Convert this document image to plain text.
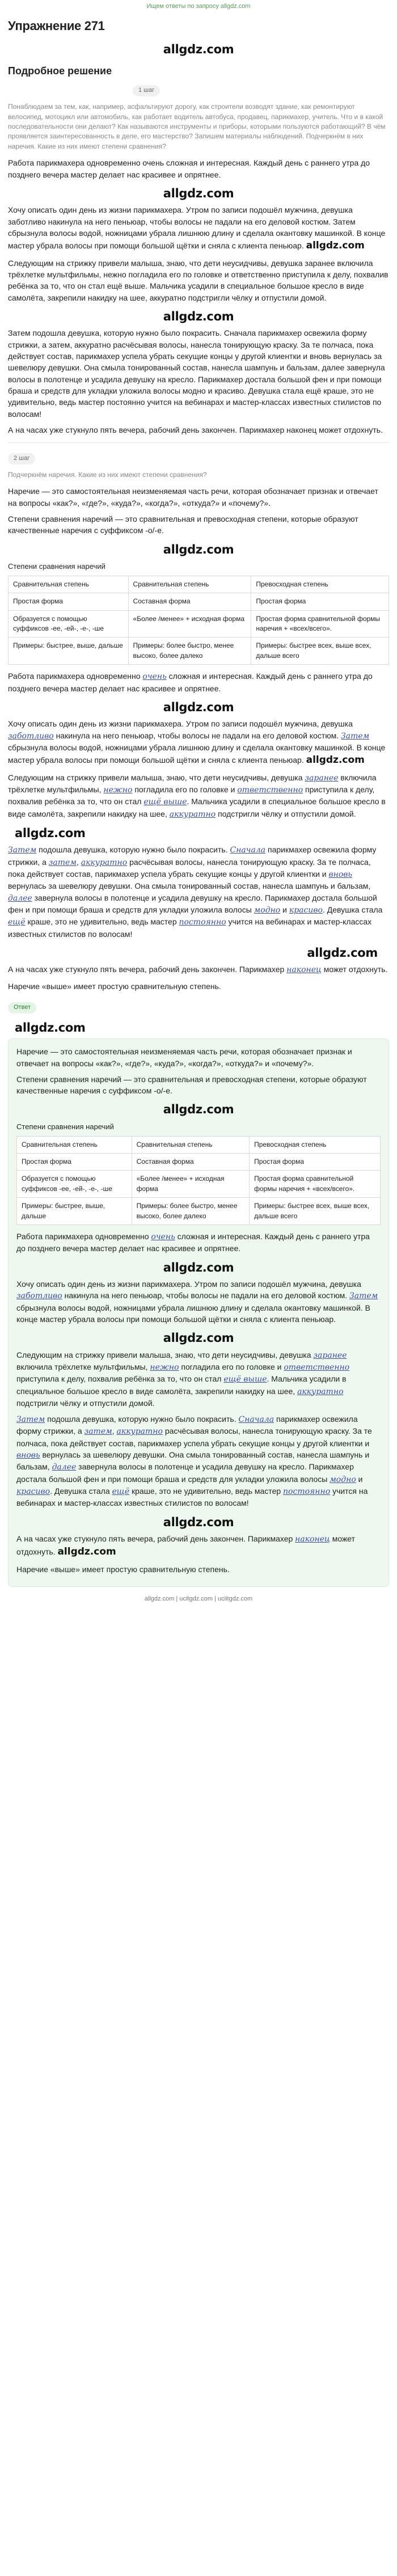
Ищем ответы по запросу allgdz.com
Упражнение 271
allgdz.com
Подробное решение
1 шаг
Понаблюдаем за тем, как, например, асфальтируют дорогу, как строители возводят здание, как ремонтируют велосипед, мотоцикл или автомобиль, как работает водитель автобуса, продавец, парикмахер, учитель. Что и в какой последовательности они делают? Как называются инструменты и приборы, которыми пользуются работающий? В чём проявляется заинтересованность в деле, его мастерство? Запишем материалы наблюдений. Подчеркнём в них наречия. Какие из них имеют степени сравнения?

Работа парикмахера одновременно очень сложная и интересная. Каждый день с раннего утра до позднего вечера мастер делает нас красивее и опрятнее.

allgdz.com

Хочу описать один день из жизни парикмахера. Утром по записи подошёл мужчина, девушка заботливо накинула на него пеньюар, чтобы волосы не падали на его деловой костюм. Затем сбрызнула волосы водой, ножницами убрала лишнюю длину и сделала окантовку машинкой. В конце мастер убрала волосы при помощи большой щётки и сняла с клиента пеньюар. allgdz.com

Следующим на стрижку привели малыша, знаю, что дети неусидчивы, девушка заранее включила трёхлетке мультфильмы, нежно погладила его по головке и ответственно приступила к делу, похвалив ребёнка за то, что он стал ещё выше. Мальчика усадили в специальное большое кресло в виде самолёта, закрепили накидку на шее, аккуратно подстригли чёлку и отпустили домой.

allgdz.com

Затем подошла девушка, которую нужно было покрасить. Сначала парикмахер освежила форму стрижки, а затем, аккуратно расчёсывая волосы, нанесла тонирующую краску. За те полчаса, пока действует состав, парикмахер успела убрать секущие концы у другой клиентки и вновь вернулась за шевелюру девушки. Она смыла тонированный состав, нанесла шампунь и бальзам, далее завернула волосы в полотенце и усадила девушку на кресло. Парикмахер достала большой фен и при помощи браша и средств для укладки уложила волосы модно и красиво. Девушка стала ещё краше, это не удивительно, ведь мастер постоянно учится на вебинарах и мастер-классах известных стилистов по волосам!

А на часах уже стукнуло пять вечера, рабочий день закончен. Парикмахер наконец может отдохнуть.

2 шаг
Подчеркнём наречия. Какие из них имеют степени сравнения?

Наречие — это самостоятельная неизменяемая часть речи, которая обозначает признак и отвечает на вопросы «как?», «где?», «куда?», «когда?», «откуда?» и «почему?».

Степени сравнения наречий — это сравнительная и превосходная степени, которые образуют качественные наречия с суффиксом -о/-е.

allgdz.com
Степени сравнения наречий
Сравнительная степень	Сравнительная степень	Превосходная степень
Простая форма	Составная форма	Простая форма
Образуется с помощью суффиксов -ее, -ей-, -е-, -ше	«Более /менее» + исходная форма	Простая форма сравнительной формы наречия + «всех/всего».
Примеры: быстрее, выше, дальше	Примеры: более быстро, менее высоко, более далеко	Примеры: быстрее всех, выше всех, дальше всего

Работа парикмахера одновременно очень сложная и интересная. Каждый день с раннего утра до позднего вечера мастер делает нас красивее и опрятнее.

allgdz.com

Хочу описать один день из жизни парикмахера. Утром по записи подошёл мужчина, девушка заботливо накинула на него пеньюар, чтобы волосы не падали на его деловой костюм. Затем сбрызнула волосы водой, ножницами убрала лишнюю длину и сделала окантовку машинкой. В конце мастер убрала волосы при помощи большой щётки и сняла с клиента пеньюар. allgdz.com

Следующим на стрижку привели малыша, знаю, что дети неусидчивы, девушка заранее включила трёхлетке мультфильмы, нежно погладила его по головке и ответственно приступила к делу, похвалив ребёнка за то, что он стал ещё выше. Мальчика усадили в специальное большое кресло в виде самолёта, закрепили накидку на шее, аккуратно подстригли чёлку и отпустили домой.

allgdz.com

Затем подошла девушка, которую нужно было покрасить. Сначала парикмахер освежила форму стрижки, а затем, аккуратно расчёсывая волосы, нанесла тонирующую краску. За те полчаса, пока действует состав, парикмахер успела убрать секущие концы у другой клиентки и вновь вернулась за шевелюру девушки. Она смыла тонированный состав, нанесла шампунь и бальзам, далее завернула волосы в полотенце и усадила девушку на кресло. Парикмахер достала большой фен и при помощи браша и средств для укладки уложила волосы модно и красиво. Девушка стала ещё краше, это не удивительно, ведь мастер постоянно учится на вебинарах и мастер-классах известных стилистов по волосам!

allgdz.com

А на часах уже стукнуло пять вечера, рабочий день закончен. Парикмахер наконец может отдохнуть.

Наречие «выше» имеет простую сравнительную степень.

Ответ
allgdz.com

Наречие — это самостоятельная неизменяемая часть речи, которая обозначает признак и отвечает на вопросы «как?», «где?», «куда?», «когда?», «откуда?» и «почему?».

Степени сравнения наречий — это сравнительная и превосходная степени, которые образуют качественные наречия с суффиксом -о/-е.

allgdz.com
Степени сравнения наречий
Сравнительная степень	Сравнительная степень	Превосходная степень
Простая форма	Составная форма	Простая форма
Образуется с помощью суффиксов -ее, -ей-, -е-, -ше	«Более /менее» + исходная форма	Простая форма сравнительной формы наречия + «всех/всего».
Примеры: быстрее, выше, дальше	Примеры: более быстро, менее высоко, более далеко	Примеры: быстрее всех, выше всех, дальше всего

Работа парикмахера одновременно очень сложная и интересная. Каждый день с раннего утра до позднего вечера мастер делает нас красивее и опрятнее.

allgdz.com

Хочу описать один день из жизни парикмахера. Утром по записи подошёл мужчина, девушка заботливо накинула на него пеньюар, чтобы волосы не падали на его деловой костюм. Затем сбрызнула волосы водой, ножницами убрала лишнюю длину и сделала окантовку машинкой. В конце мастер убрала волосы при помощи большой щётки и сняла с клиента пеньюар.

allgdz.com

Следующим на стрижку привели малыша, знаю, что дети неусидчивы, девушка заранее включила трёхлетке мультфильмы, нежно погладила его по головке и ответственно приступила к делу, похвалив ребёнка за то, что он стал ещё выше. Мальчика усадили в специальное большое кресло в виде самолёта, закрепили накидку на шее, аккуратно подстригли чёлку и отпустили домой.

Затем подошла девушка, которую нужно было покрасить. Сначала парикмахер освежила форму стрижки, а затем, аккуратно расчёсывая волосы, нанесла тонирующую краску. За те полчаса, пока действует состав, парикмахер успела убрать секущие концы у другой клиентки и вновь вернулась за шевелюру девушки. Она смыла тонированный состав, нанесла шампунь и бальзам, далее завернула волосы в полотенце и усадила девушку на кресло. Парикмахер достала большой фен и при помощи браша и средств для укладки уложила волосы модно и красиво. Девушка стала ещё краше, это не удивительно, ведь мастер постоянно учится на вебинарах и мастер-классах известных стилистов по волосам!

allgdz.com

А на часах уже стукнуло пять вечера, рабочий день закончен. Парикмахер наконец может отдохнуть. allgdz.com

Наречие «выше» имеет простую сравнительную степень.

allgdz.com | ucitgdz.com | uciitgdz.com
